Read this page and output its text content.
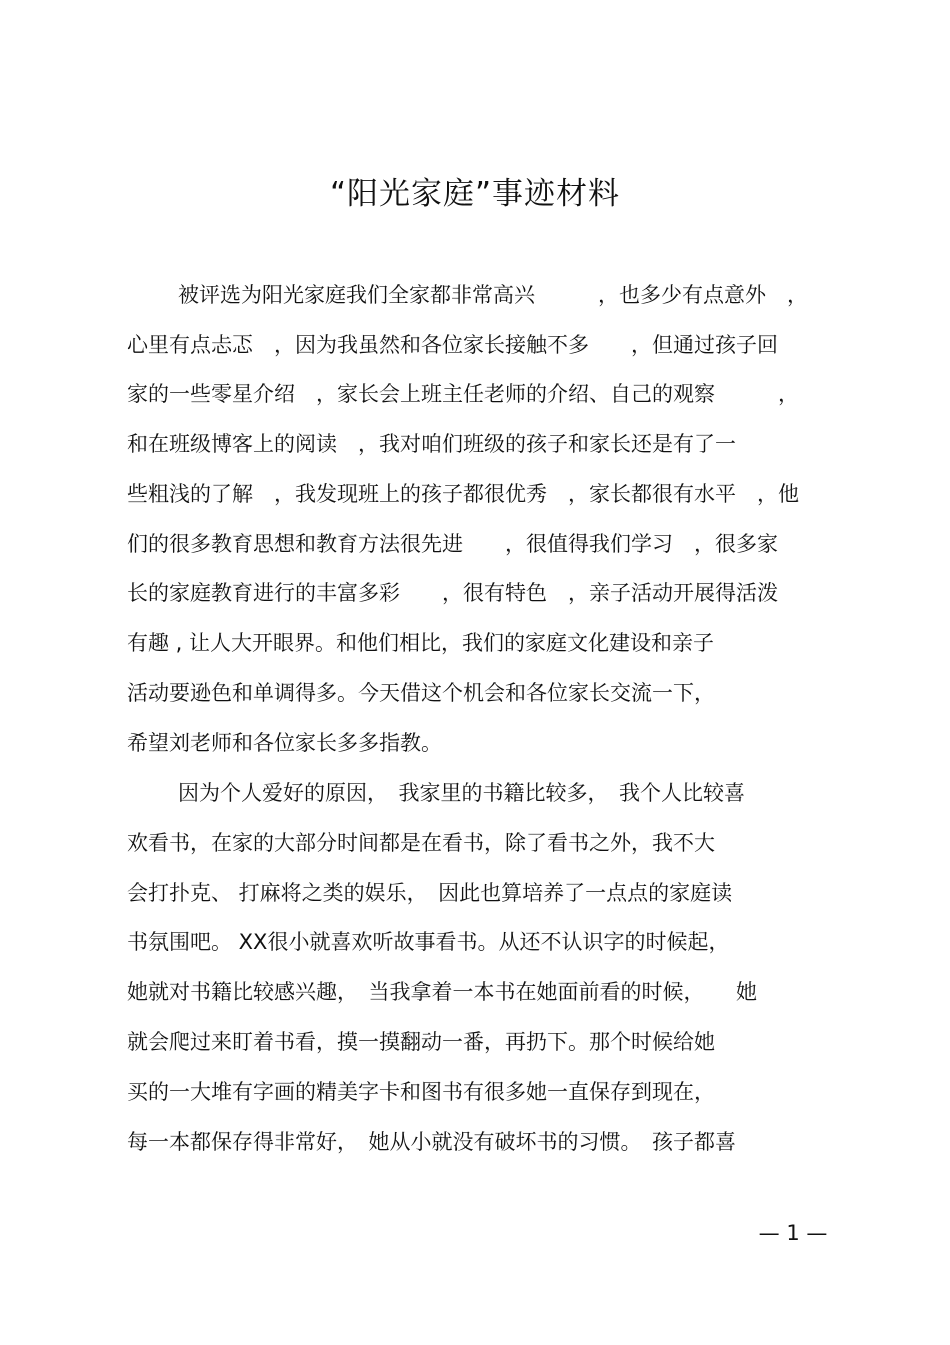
“阳光家庭”事迹材料
被评选为阳光家庭我们全家都非常高兴　　　，也多少有点意外　，
心里有点忐忑　，因为我虽然和各位家长接触不多　　，但通过孩子回
家的一些零星介绍　，家长会上班主任老师的介绍、自己的观察　　　，
和在班级博客上的阅读　，我对咱们班级的孩子和家长还是有了一
些粗浅的了解　，我发现班上的孩子都很优秀　，家长都很有水平　，他
们的很多教育思想和教育方法很先进　　，很值得我们学习　，很多家
长的家庭教育进行的丰富多彩　　，很有特色　，亲子活动开展得活泼
有趣 , 让人大开眼界。和他们相比，我们的家庭文化建设和亲子
活动要逊色和单调得多。今天借这个机会和各位家长交流一下，
希望刘老师和各位家长多多指教。
因为个人爱好的原因，　我家里的书籍比较多，　我个人比较喜
欢看书，在家的大部分时间都是在看书，除了看书之外，我不大
会打扑克、 打麻将之类的娱乐，　因此也算培养了一点点的家庭读
书氛围吧。 XX很小就喜欢听故事看书。从还不认识字的时候起，
她就对书籍比较感兴趣，　当我拿着一本书在她面前看的时候，　　她
就会爬过来盯着书看，摸一摸翻动一番，再扔下。那个时候给她
买的一大堆有字画的精美字卡和图书有很多她一直保存到现在，
每一本都保存得非常好，　她从小就没有破坏书的习惯。　孩子都喜
— 1 —
